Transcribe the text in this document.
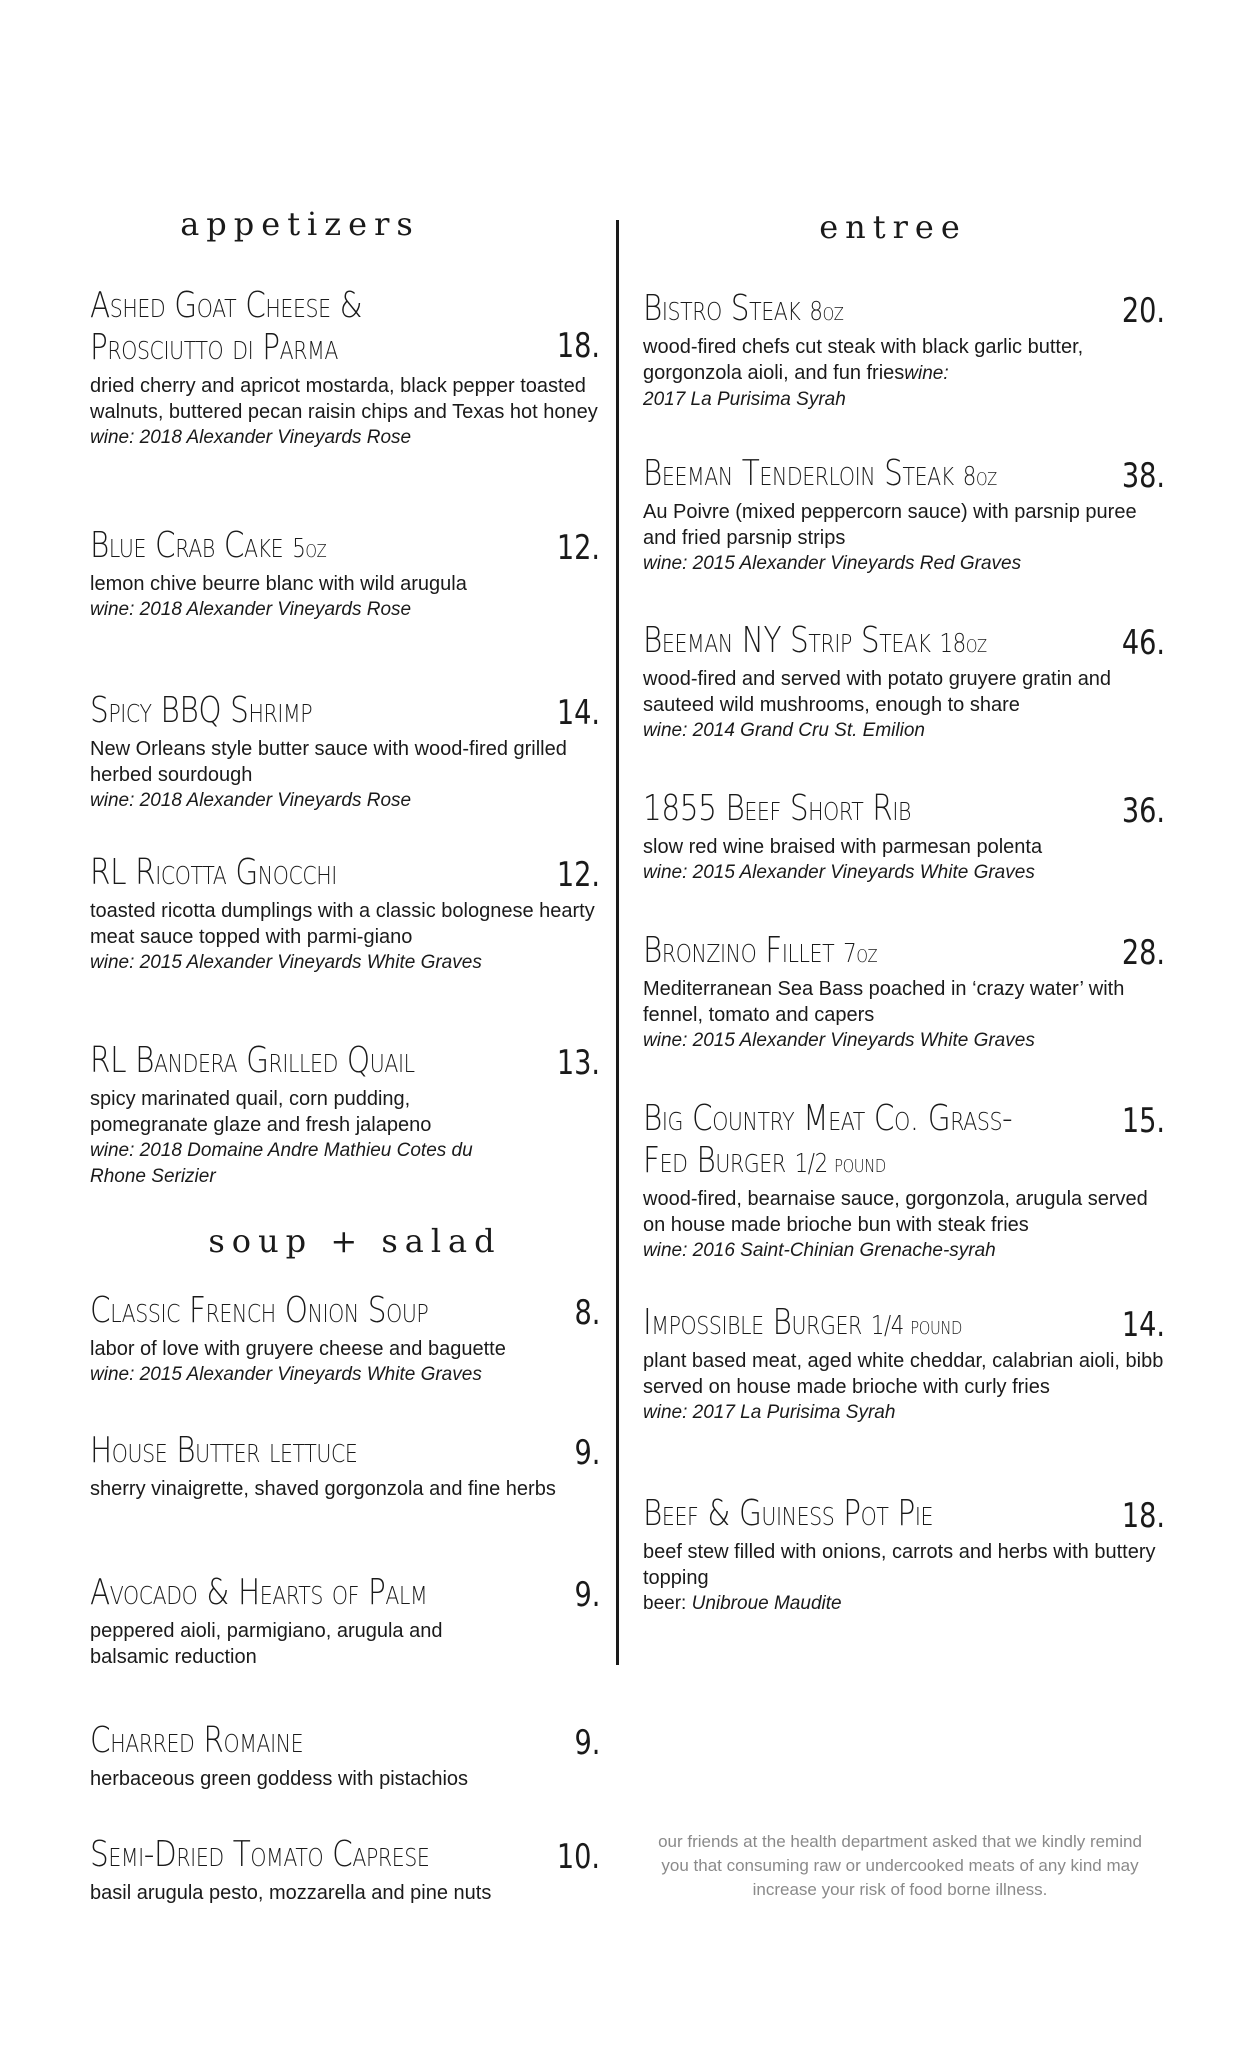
appetizers
Ashed Goat Cheese & Prosciutto di Parma	18.

dried cherry and apricot mostarda, black pepper toasted walnuts, buttered pecan raisin chips and Texas hot honey

wine: 2018 Alexander Vineyards Rose

Blue Crab Cake 5oz	12.

lemon chive beurre blanc with wild arugula

wine: 2018 Alexander Vineyards Rose

Spicy BBQ Shrimp	14.

New Orleans style butter sauce with wood-fired grilled herbed sourdough

wine: 2018 Alexander Vineyards Rose

RL Ricotta Gnocchi	12.

toasted ricotta dumplings with a classic bolognese hearty meat sauce topped with parmi-giano

wine: 2015 Alexander Vineyards White Graves

RL Bandera Grilled Quail	13.

spicy marinated quail, corn pudding, pomegranate glaze and fresh jalapeno

wine: 2018 Domaine Andre Mathieu Cotes du Rhone Serizier

soup + salad
Classic French Onion Soup	8.

labor of love with gruyere cheese and baguette

wine: 2015 Alexander Vineyards White Graves

House Butter lettuce	9.

sherry vinaigrette, shaved gorgonzola and fine herbs

Avocado & Hearts of Palm	9.

peppered aioli, parmigiano, arugula and balsamic reduction

Charred Romaine	9.

herbaceous green goddess with pistachios

Semi-Dried Tomato Caprese	10.

basil arugula pesto, mozzarella and pine nuts

entree
Bistro Steak 8oz	20.

wood-fired chefs cut steak with black garlic butter, gorgonzola aioli, and fun frieswine:

2017 La Purisima Syrah

Beeman Tenderloin Steak 8oz	38.

Au Poivre (mixed peppercorn sauce) with parsnip puree and fried parsnip strips

wine: 2015 Alexander Vineyards Red Graves

Beeman NY Strip Steak 18oz	46.

wood-fired and served with potato gruyere gratin and sauteed wild mushrooms, enough to share

wine: 2014 Grand Cru St. Emilion

1855 Beef Short Rib	36.

slow red wine braised with parmesan polenta

wine: 2015 Alexander Vineyards White Graves

Bronzino Fillet 7oz	28.

Mediterranean Sea Bass poached in ‘crazy water’ with fennel, tomato and capers

wine: 2015 Alexander Vineyards White Graves

Big Country Meat Co. Grass-Fed Burger 1/2 pound
15.

wood-fired, bearnaise sauce, gorgonzola, arugula served on house made brioche bun with steak fries

wine: 2016 Saint-Chinian Grenache-syrah

Impossible Burger 1/4 pound	14.

plant based meat, aged white cheddar, calabrian aioli, bibb served on house made brioche with curly fries

wine: 2017 La Purisima Syrah

Beef & Guiness Pot Pie	18.

beef stew filled with onions, carrots and herbs with buttery topping

beer: Unibroue Maudite

our friends at the health department asked that we kindly remind you that consuming raw or undercooked meats of any kind may increase your risk of food borne illness.
